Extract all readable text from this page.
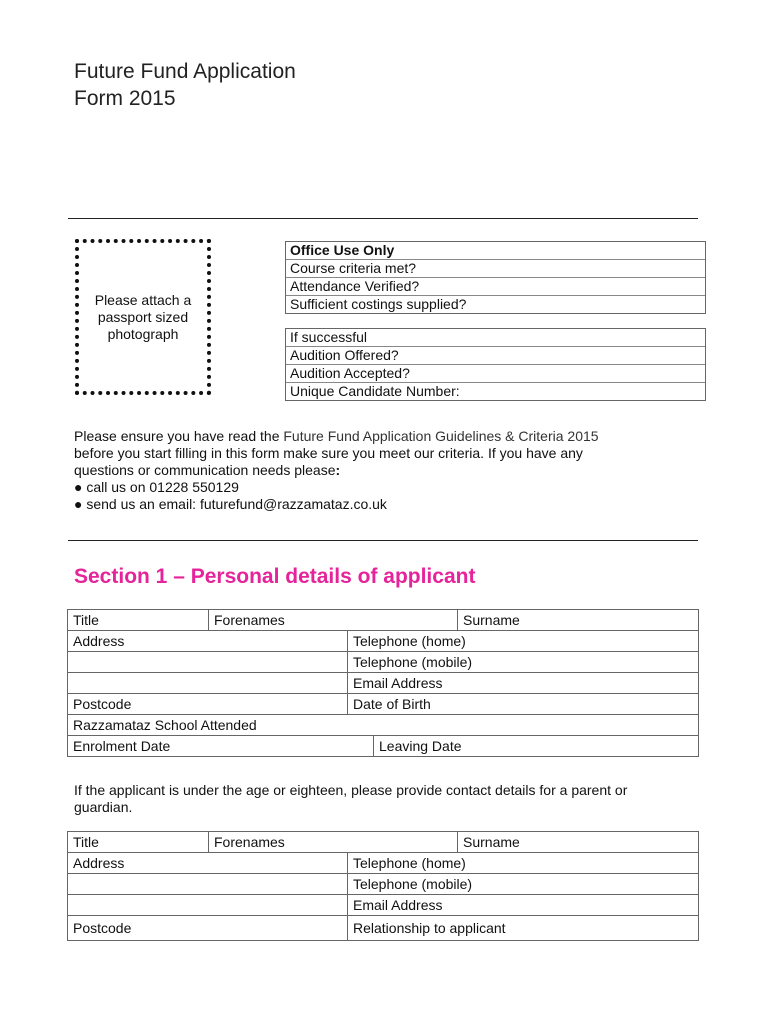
Future Fund Application
Form 2015
Please attach a
passport sized
photograph
Office Use Only
Course criteria met?
Attendance Verified?
Sufficient costings supplied?
If successful
Audition Offered?
Audition Accepted?
Unique Candidate Number:

Please ensure you have read the Future Fund Application Guidelines & Criteria 2015

before you start filling in this form make sure you meet our criteria. If you have any

questions or communication needs please:

● call us on 01228 550129

● send us an email: futurefund@razzamataz.co.uk

Section 1 – Personal details of applicant
Title	Forenames			Surname
Address		Telephone (home)		
		Telephone (mobile)		
		Email Address		
Postcode		Date of Birth		
Razzamataz School Attended				
Enrolment Date			Leaving Date	

If the applicant is under the age or eighteen, please provide contact details for a parent or

guardian.

Title	Forenames		Surname
Address		Telephone (home)	
		Telephone (mobile)	
		Email Address	
Postcode		Relationship to applicant	
